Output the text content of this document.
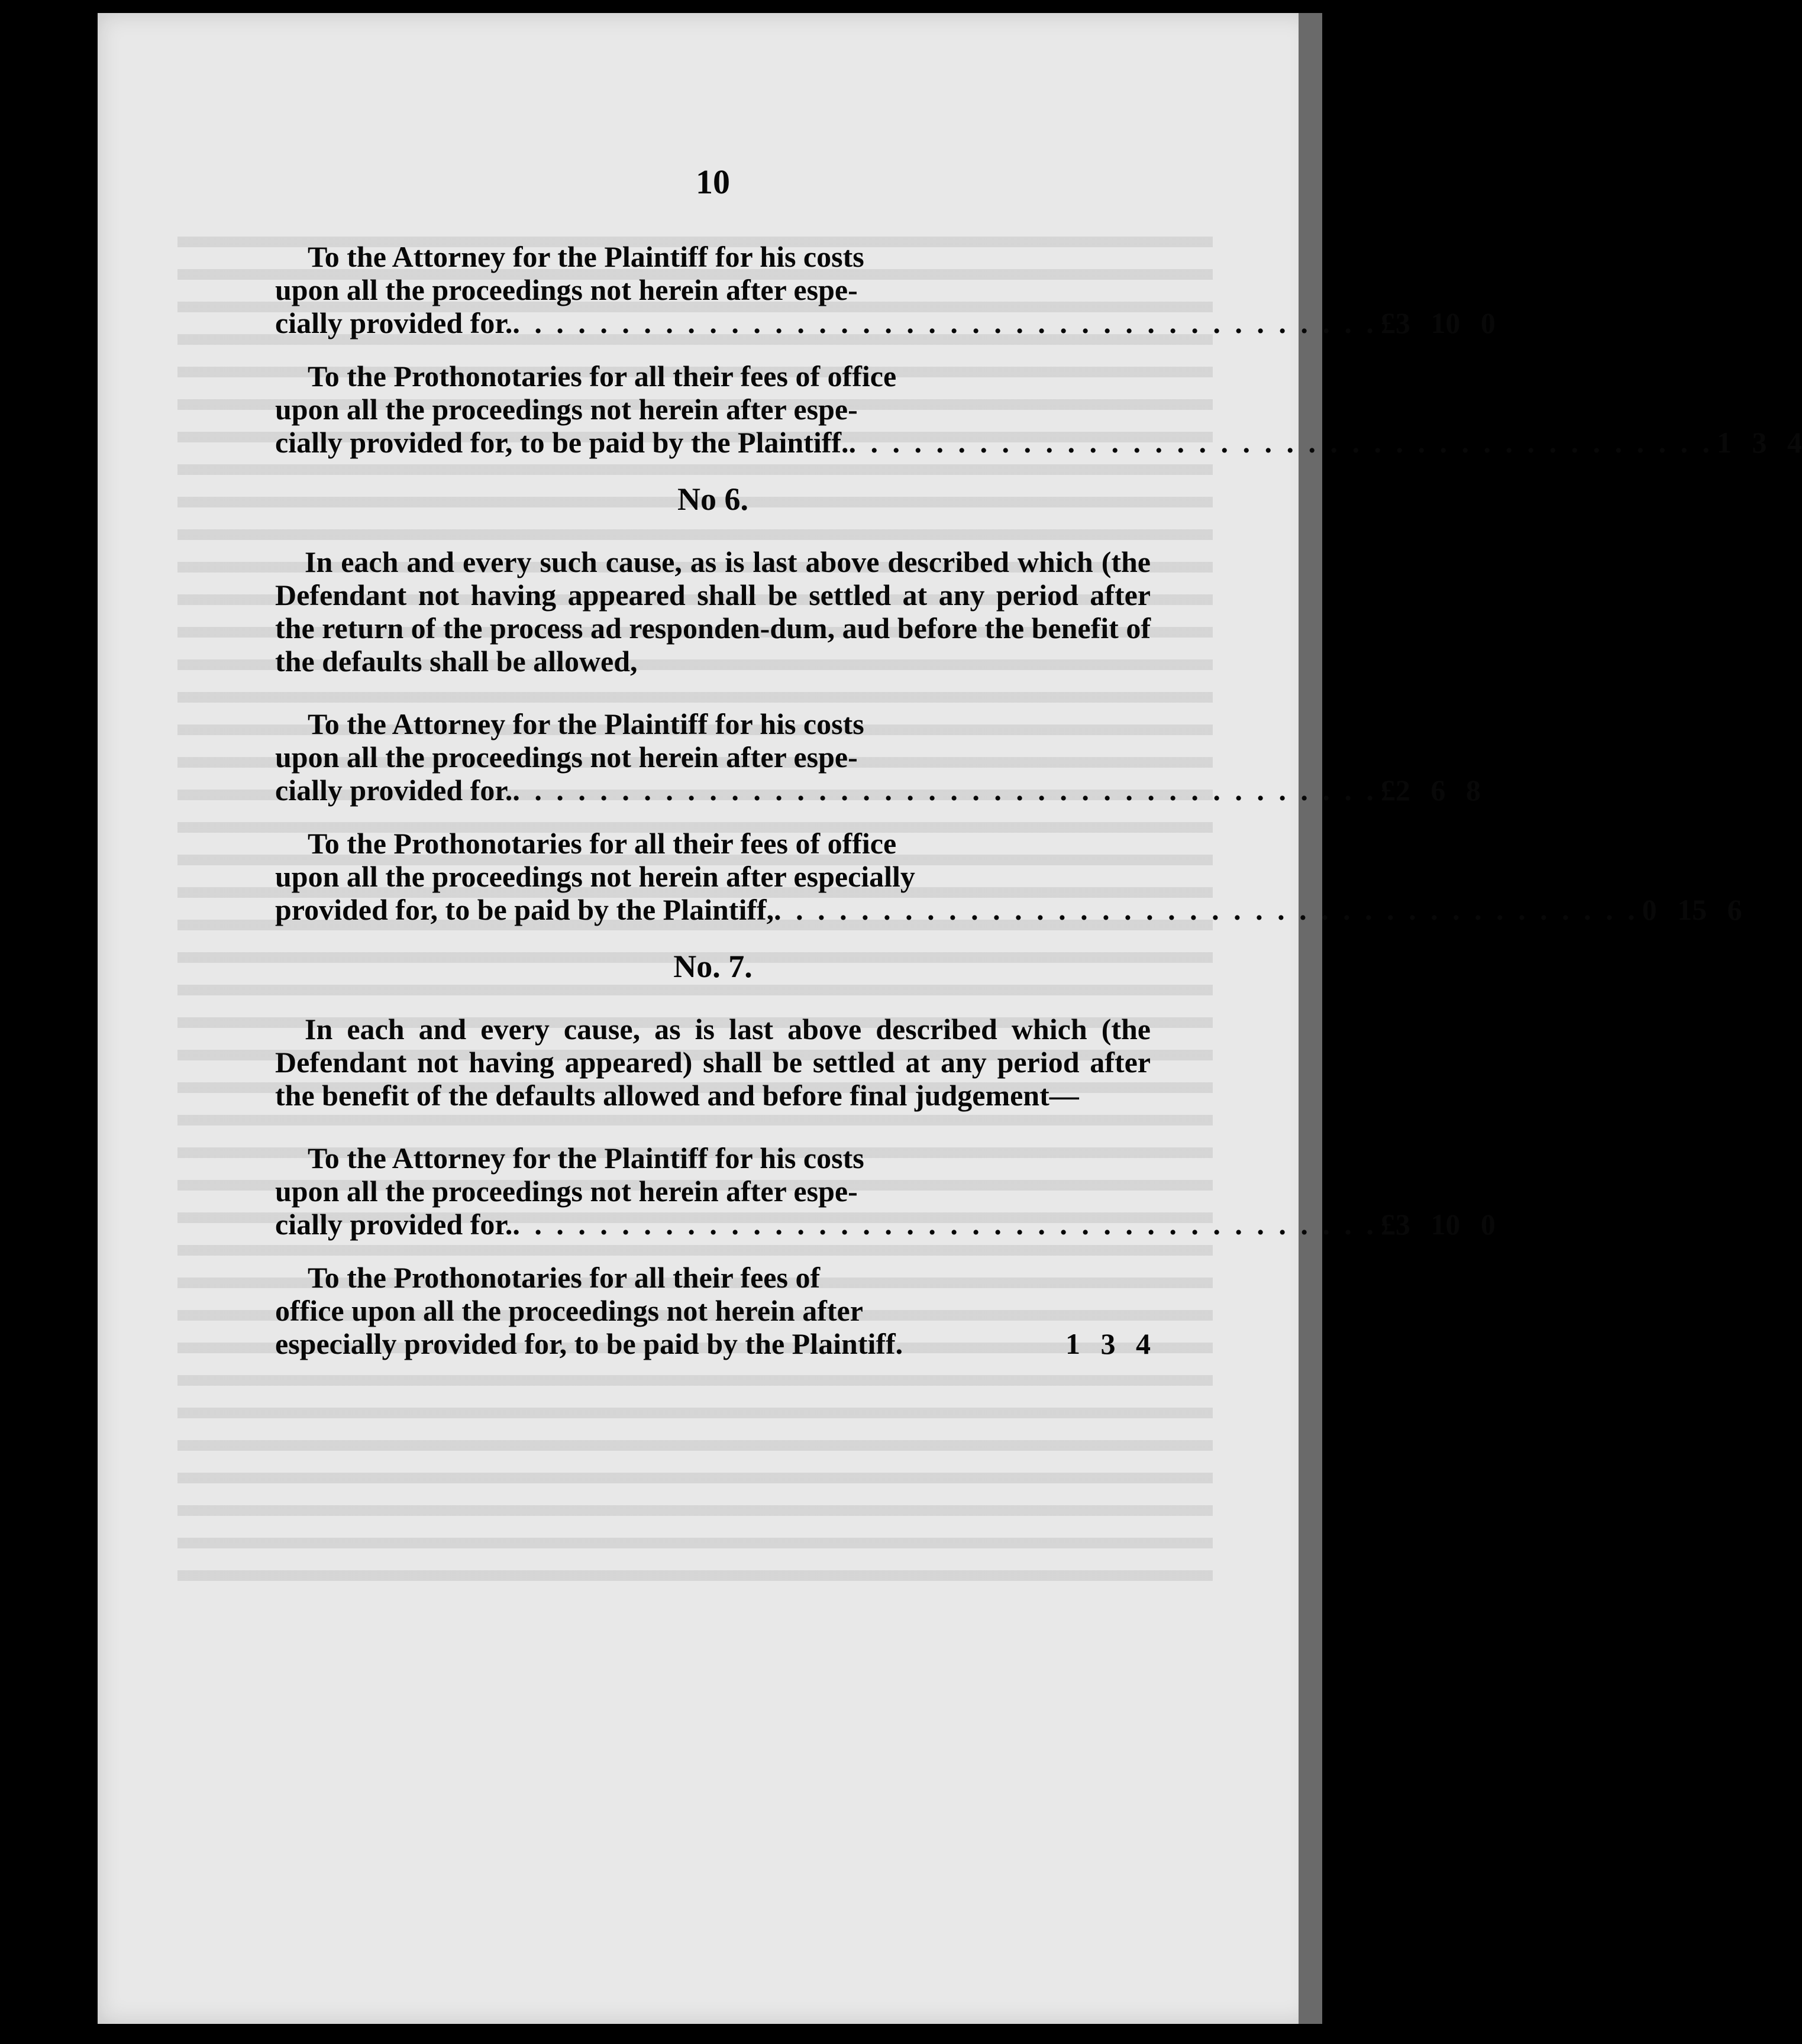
10

To the Attorney for the Plaintiff for his costs

upon all the proceedings not herein after espe-

cially provided for. . . . . . . . . . . . . . . . . . . . . . . . . . . . . . . . . . . . . . . . . £3 10 0

To the Prothonotaries for all their fees of office

upon all the proceedings not herein after espe-

cially provided for, to be paid by the Plaintiff. . . . . . . . . . . . . . . . . . . . . . . . . . . . . . . . . . . . . . . . . 1 3 4
No 6.

In each and every such cause, as is last above described which (the Defendant not having appeared shall be settled at any period after the return of the process ad responden-dum, aud before the benefit of the defaults shall be allowed,

To the Attorney for the Plaintiff for his costs

upon all the proceedings not herein after espe-

cially provided for. . . . . . . . . . . . . . . . . . . . . . . . . . . . . . . . . . . . . . . . . £2 6 8

To the Prothonotaries for all their fees of office

upon all the proceedings not herein after especially

provided for, to be paid by the Plaintiff, . . . . . . . . . . . . . . . . . . . . . . . . . . . . . . . . . . . . . . . . 0 15 6
No. 7.

In each and every cause, as is last above described which (the Defendant not having appeared) shall be settled at any period after the benefit of the defaults allowed and before final judgement—

To the Attorney for the Plaintiff for his costs

upon all the proceedings not herein after espe-

cially provided for. . . . . . . . . . . . . . . . . . . . . . . . . . . . . . . . . . . . . . . . . £3 10 0

To the Prothonotaries for all their fees of

office upon all the proceedings not herein after

especially provided for, to be paid by the Plaintiff.	1 3 4
